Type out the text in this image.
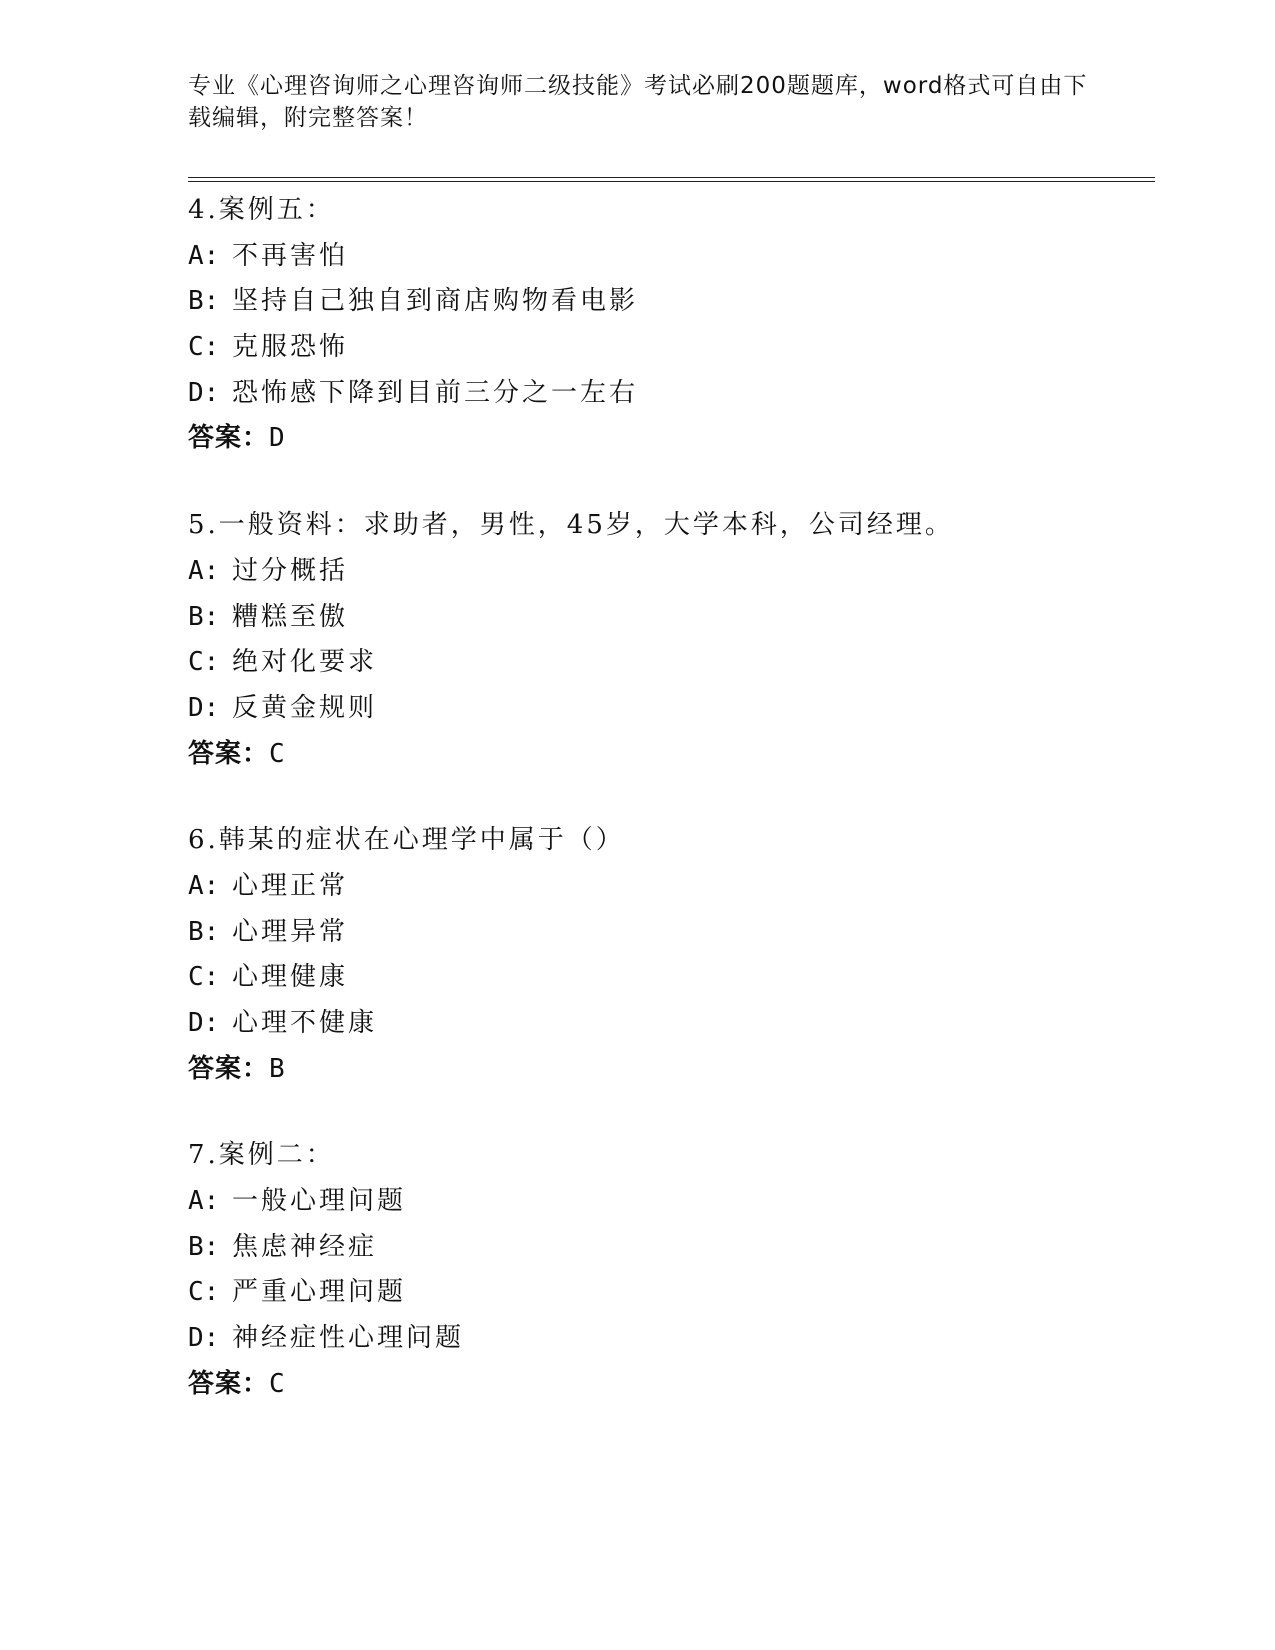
专业《心理咨询师之心理咨询师二级技能》考试必刷200题题库，word格式可自由下载编辑，附完整答案！
4.案例五：
A: 不再害怕
B: 坚持自己独自到商店购物看电影
C: 克服恐怖
D: 恐怖感下降到目前三分之一左右
答案：D
5.一般资料：求助者，男性，45岁，大学本科，公司经理。
A: 过分概括
B: 糟糕至傲
C: 绝对化要求
D: 反黄金规则
答案：C
6.韩某的症状在心理学中属于（）
A: 心理正常
B: 心理异常
C: 心理健康
D: 心理不健康
答案：B
7.案例二：
A: 一般心理问题
B: 焦虑神经症
C: 严重心理问题
D: 神经症性心理问题
答案：C
